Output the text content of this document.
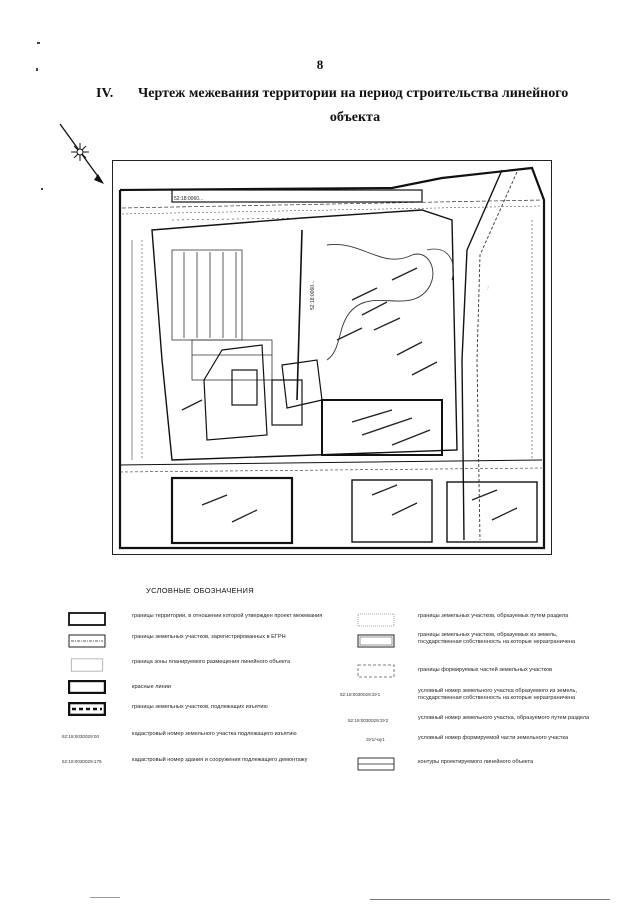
8
IV. Чертеж межевания территории на период строительства линейного
объекта
52:18:0060...
52:18:0060...	...
УСЛОВНЫЕ ОБОЗНАЧЕНИЯ
52:18:0030029:00
52:18:0030029:179
границы территории, в отношении которой утвержден проект межевания
границы земельных участков, зарегистрированных в ЕГРН
граница зоны планируемого размещения линейного объекта
красные линии
границы земельных участков, подлежащих изъятию
кадастровый номер земельного участка подлежащего изъятию
кадастровый номер здания и сооружения подлежащего демонтажу
52:18:0030029:ЗУ1
52:18:0030029:ЗУ2
ЗУ1/чзу1
границы земельных участков, образуемых путем раздела
границы земельных участков, образуемых из земель, государственная собственность на которые неразграничена
границы формируемых частей земельных участков
условный номер земельного участка образуемого из земель, государственная собственность на которые неразграничена
условный номер земельного участка, образуемого путем раздела
условный номер формируемой части земельного участка
контуры проектируемого линейного объекта
